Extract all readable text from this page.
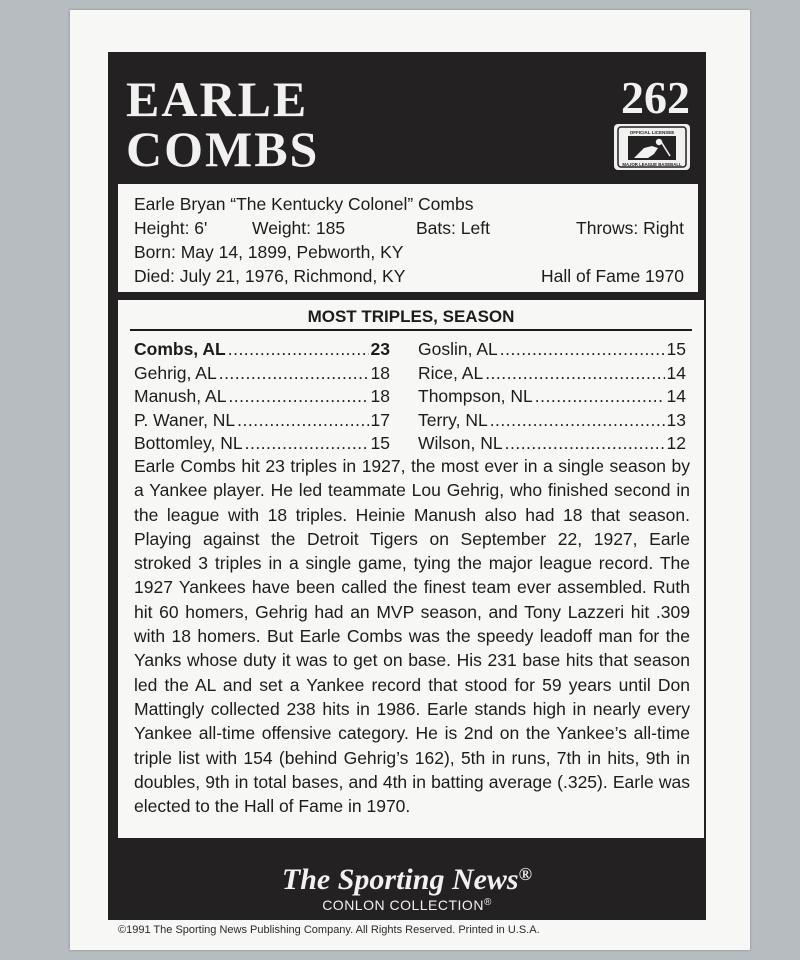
EARLE
COMBS
262
OFFICIAL LICENSEE
MAJOR LEAGUE BASEBALL
Earle Bryan “The Kentucky Colonel” Combs
Height: 6'	Weight: 185	Bats: Left	Throws: Right
Born: May 14, 1899, Pebworth, KY
Died: July 21, 1976, Richmond, KY	Hall of Fame 1970
MOST TRIPLES, SEASON
Combs, AL .....	23
Gehrig, AL .....	18
Manush, AL .....	18
P. Waner, NL .....	17
Bottomley, NL .....	15
Goslin, AL .....	15
Rice, AL .....	14
Thompson, NL .....	14
Terry, NL .....	13
Wilson, NL .....	12

Earle Combs hit 23 triples in 1927, the most ever in a single season by a Yankee player. He led teammate Lou Gehrig, who finished second in the league with 18 triples. Heinie Manush also had 18 that season. Playing against the Detroit Tigers on September 22, 1927, Earle stroked 3 triples in a single game, tying the major league record. The 1927 Yankees have been called the finest team ever assembled. Ruth hit 60 homers, Gehrig had an MVP season, and Tony Lazzeri hit .309 with 18 homers. But Earle Combs was the speedy leadoff man for the Yanks whose duty it was to get on base. His 231 base hits that season led the AL and set a Yankee record that stood for 59 years until Don Mattingly collected 238 hits in 1986. Earle stands high in nearly every Yankee all-time offensive category. He is 2nd on the Yankee’s all-time triple list with 154 (behind Gehrig’s 162), 5th in runs, 7th in hits, 9th in doubles, 9th in total bases, and 4th in batting average (.325). Earle was elected to the Hall of Fame in 1970.

The Sporting News®
CONLON COLLECTION®
©1991 The Sporting News Publishing Company. All Rights Reserved. Printed in U.S.A.
